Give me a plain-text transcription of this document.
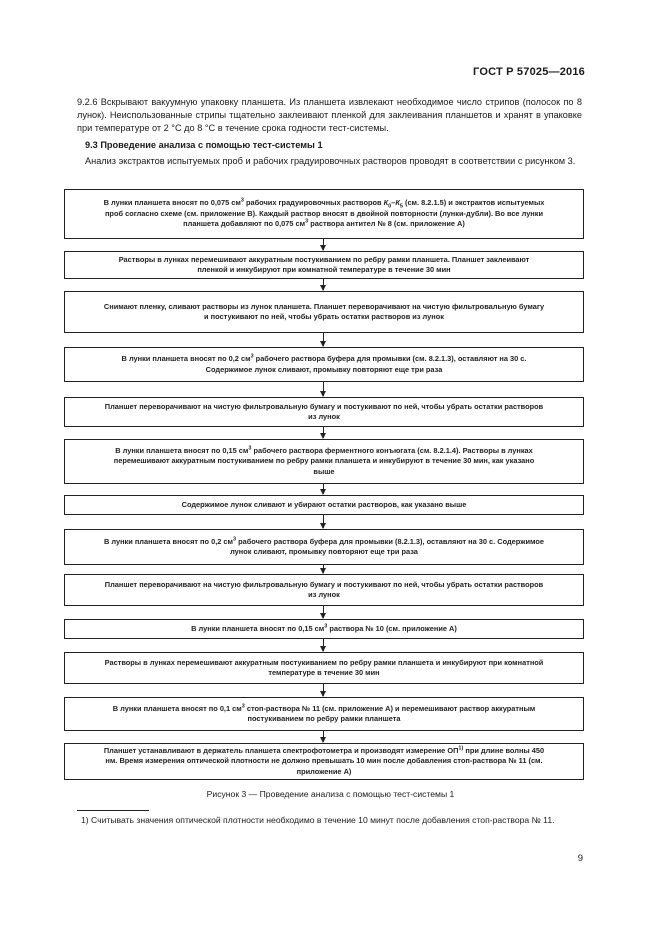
ГОСТ Р 57025—2016
9.2.6 Вскрывают вакуумную упаковку планшета. Из планшета извлекают необходимое число стрипов (полосок по 8 лунок). Неиспользованные стрипы тщательно заклеивают пленкой для заклеивания планшетов и хранят в упаковке при температуре от 2 °С до 8 °С в течение срока годности тест-системы.
9.3 Проведение анализа с помощью тест-системы 1
Анализ экстрактов испытуемых проб и рабочих градуировочных растворов проводят в соответствии с рисунком 3.
В лунки планшета вносят по 0,075 $см^3$ рабочих градуировочных растворов $К_0-К_5$ (см. 8.2.1.5) и экстрактов испытуемых проб согласно схеме (см. приложение В). Каждый раствор вносят в двойной повторности (лунки-дубли). Во все лунки планшета добавляют по 0,075 $см^3$ раствора антител № 8 (см. приложение А)
Растворы в лунках перемешивают аккуратным постукиванием по ребру рамки планшета. Планшет заклеивают пленкой и инкубируют при комнатной температуре в течение 30 мин
Снимают пленку, сливают растворы из лунок планшета. Планшет переворачивают на чистую фильтровальную бумагу и постукивают по ней, чтобы убрать остатки растворов из лунок
В лунки планшета вносят по 0,2 $см^3$ рабочего раствора буфера для промывки (см. 8.2.1.3), оставляют на 30 с. Содержимое лунок сливают, промывку повторяют еще три раза
Планшет переворачивают на чистую фильтровальную бумагу и постукивают по ней, чтобы убрать остатки растворов из лунок
В лунки планшета вносят по 0,15 $см^3$ рабочего раствора ферментного конъюгата (см. 8.2.1.4). Растворы в лунках перемешивают аккуратным постукиванием по ребру рамки планшета и инкубируют в течение 30 мин, как указано выше
Содержимое лунок сливают и убирают остатки растворов, как указано выше
В лунки планшета вносят по 0,2 $см^3$ рабочего раствора буфера для промывки (8.2.1.3), оставляют на 30 с. Содержимое лунок сливают, промывку повторяют еще три раза
Планшет переворачивают на чистую фильтровальную бумагу и постукивают по ней, чтобы убрать остатки растворов из лунок
В лунки планшета вносят по 0,15 $см^3$ раствора № 10 (см. приложение А)
Растворы в лунках перемешивают аккуратным постукиванием по ребру рамки планшета и инкубируют при комнатной температуре в течение 30 мин
В лунки планшета вносят по 0,1 $см^3$ стоп-раствора № 11 (см. приложение А) и перемешивают раствор аккуратным постукиванием по ребру рамки планшета
Планшет устанавливают в держатель планшета спектрофотометра и производят измерение ОП$^{1)}$ при длине волны 450 нм. Время измерения оптической плотности не должно превышать 10 мин после добавления стоп-раствора № 11 (см. приложение А)
Рисунок 3 — Проведение анализа с помощью тест-системы 1
1) Считывать значения оптической плотности необходимо в течение 10 минут после добавления стоп-раствора № 11.
9
